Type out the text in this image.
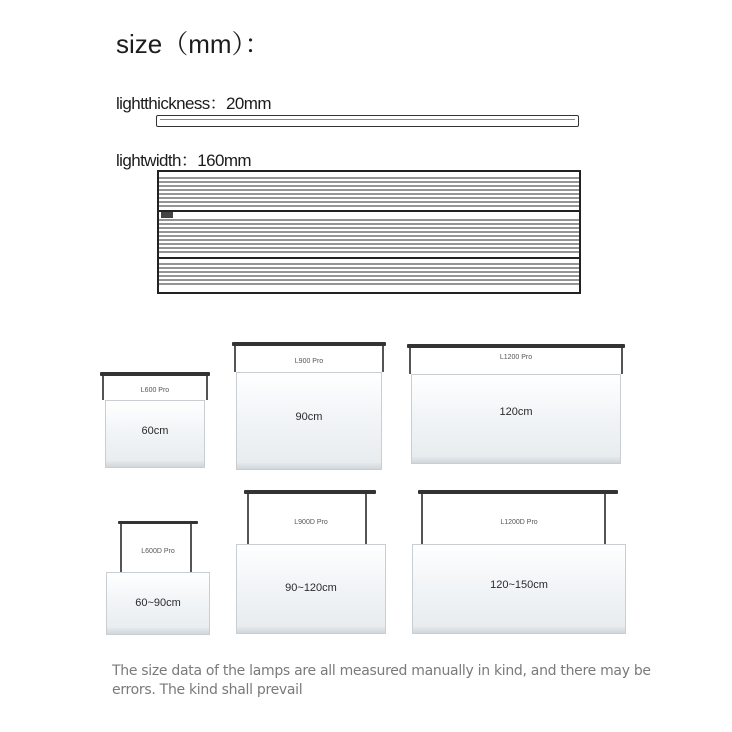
size（mm）：
lightthickness：20mm
lightwidth：160mm
L600 Pro
60cm
L900 Pro
90cm
L1200 Pro
120cm
L600D Pro
60~90cm
L900D Pro
90~120cm
L1200D Pro
120~150cm
The size data of the lamps are all measured manually in kind, and there may be errors. The kind shall prevail
